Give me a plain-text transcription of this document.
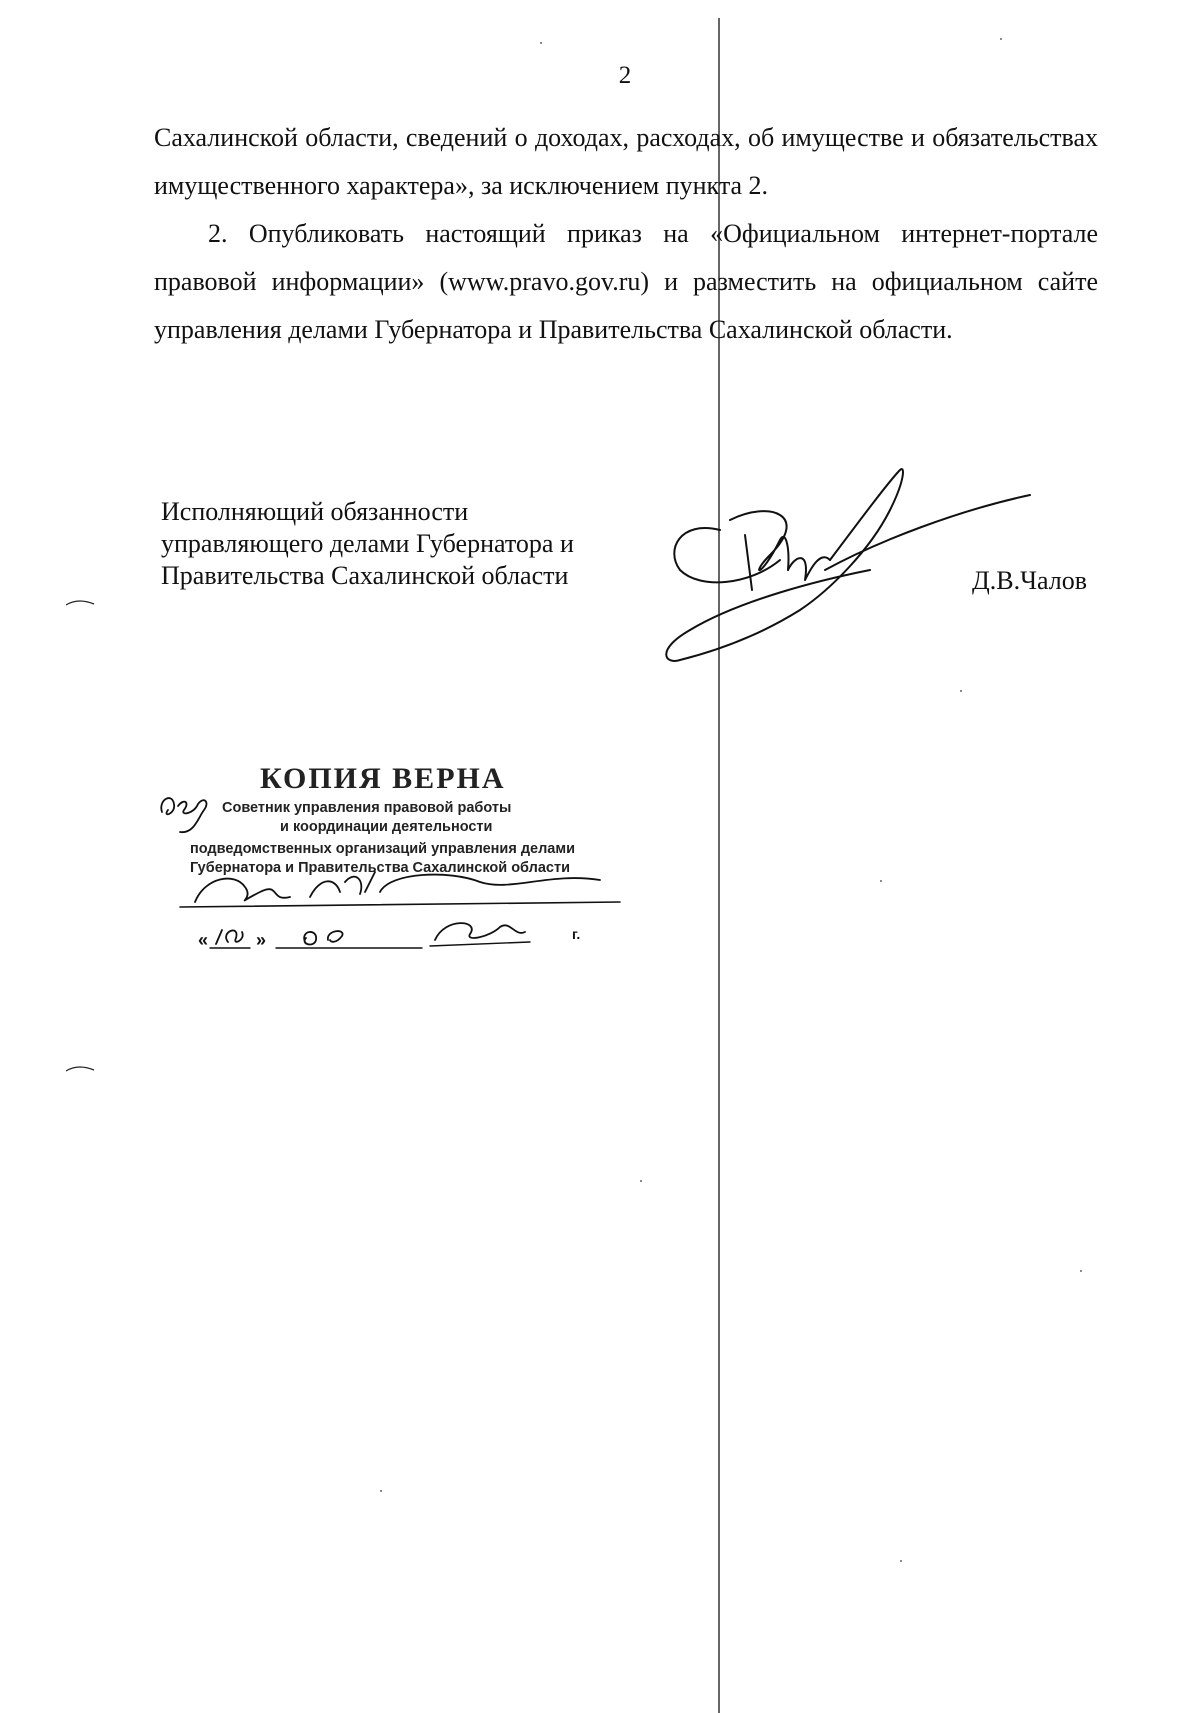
2

Сахалинской области, сведений о доходах, расходах, об имуществе и обязательствах имущественного характера», за исключением пункта 2.

2. Опубликовать настоящий приказ на «Официальном интернет-портале правовой информации» (www.pravo.gov.ru) и разместить на официальном сайте управления делами Губернатора и Правительства Сахалинской области.

Исполняющий обязанности
управляющего делами Губернатора и
Правительства Сахалинской области	Д.В.Чалов
КОПИЯ ВЕРНА
Советник управления правовой работы
и координации деятельности
подведомственных организаций управления делами
Губернатора и Правительства Сахалинской области
«	»	г.
